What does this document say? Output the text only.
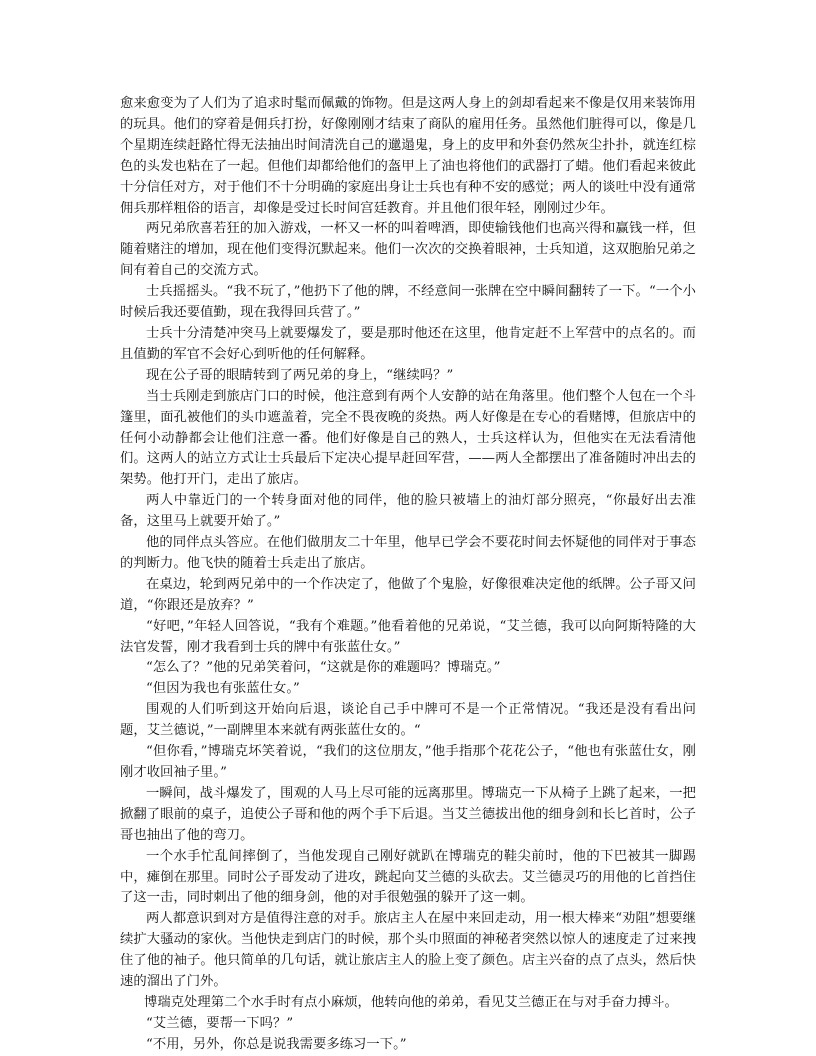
愈来愈变为了人们为了追求时髦而佩戴的饰物。但是这两人身上的剑却看起来不像是仅用来装饰用的玩具。他们的穿着是佣兵打扮，好像刚刚才结束了商队的雇用任务。虽然他们脏得可以，像是几个星期连续赶路忙得无法抽出时间清洗自己的邋遢鬼，身上的皮甲和外套仍然灰尘扑扑，就连红棕色的头发也粘在了一起。但他们却都给他们的盔甲上了油也将他们的武器打了蜡。他们看起来彼此十分信任对方，对于他们不十分明确的家庭出身让士兵也有种不安的感觉；两人的谈吐中没有通常佣兵那样粗俗的语言，却像是受过长时间宫廷教育。并且他们很年轻，刚刚过少年。

两兄弟欣喜若狂的加入游戏，一杯又一杯的叫着啤酒，即使输钱他们也高兴得和赢钱一样，但随着赌注的增加，现在他们变得沉默起来。他们一次次的交换着眼神，士兵知道，这双胞胎兄弟之间有着自己的交流方式。

士兵摇摇头。“我不玩了，”他扔下了他的牌，不经意间一张牌在空中瞬间翻转了一下。“一个小时候后我还要值勤，现在我得回兵营了。”

士兵十分清楚冲突马上就要爆发了，要是那时他还在这里，他肯定赶不上军营中的点名的。而且值勤的军官不会好心到听他的任何解释。

现在公子哥的眼睛转到了两兄弟的身上，“继续吗？”

当士兵刚走到旅店门口的时候，他注意到有两个人安静的站在角落里。他们整个人包在一个斗篷里，面孔被他们的头巾遮盖着，完全不畏夜晚的炎热。两人好像是在专心的看赌博，但旅店中的任何小动静都会让他们注意一番。他们好像是自己的熟人，士兵这样认为，但他实在无法看清他们。这两人的站立方式让士兵最后下定决心提早赶回军营，——两人全都摆出了准备随时冲出去的架势。他打开门，走出了旅店。

两人中靠近门的一个转身面对他的同伴，他的脸只被墙上的油灯部分照亮，“你最好出去准备，这里马上就要开始了。”

他的同伴点头答应。在他们做朋友二十年里，他早已学会不要花时间去怀疑他的同伴对于事态的判断力。他飞快的随着士兵走出了旅店。

在桌边，轮到两兄弟中的一个作决定了，他做了个鬼脸，好像很难决定他的纸牌。公子哥又问道，“你跟还是放弃？”

“好吧，”年轻人回答说，“我有个难题。”他看着他的兄弟说，“艾兰德，我可以向阿斯特隆的大法官发誓，刚才我看到士兵的牌中有张蓝仕女。”

“怎么了？”他的兄弟笑着问，“这就是你的难题吗？博瑞克。”

“但因为我也有张蓝仕女。”

围观的人们听到这开始向后退，谈论自己手中牌可不是一个正常情况。“我还是没有看出问题，艾兰德说，”一副牌里本来就有两张蓝仕女的。“

“但你看，”博瑞克坏笑着说，“我们的这位朋友，”他手指那个花花公子，“他也有张蓝仕女，刚刚才收回袖子里。”

一瞬间，战斗爆发了，围观的人马上尽可能的远离那里。博瑞克一下从椅子上跳了起来，一把掀翻了眼前的桌子，追使公子哥和他的两个手下后退。当艾兰德拔出他的细身剑和长匕首时，公子哥也抽出了他的弯刀。

一个水手忙乱间摔倒了，当他发现自己刚好就趴在博瑞克的鞋尖前时，他的下巴被其一脚踢中，瘫倒在那里。同时公子哥发动了进攻，跳起向艾兰德的头砍去。艾兰德灵巧的用他的匕首挡住了这一击，同时刺出了他的细身剑，他的对手很勉强的躲开了这一刺。

两人都意识到对方是值得注意的对手。旅店主人在屋中来回走动，用一根大棒来“劝阻”想要继续扩大骚动的家伙。当他快走到店门的时候，那个头巾照面的神秘者突然以惊人的速度走了过来拽住了他的袖子。他只简单的几句话，就让旅店主人的脸上变了颜色。店主兴奋的点了点头，然后快速的溜出了门外。

博瑞克处理第二个水手时有点小麻烦，他转向他的弟弟，看见艾兰德正在与对手奋力搏斗。

“艾兰德，要帮一下吗？”

“不用，另外，你总是说我需要多练习一下。”
